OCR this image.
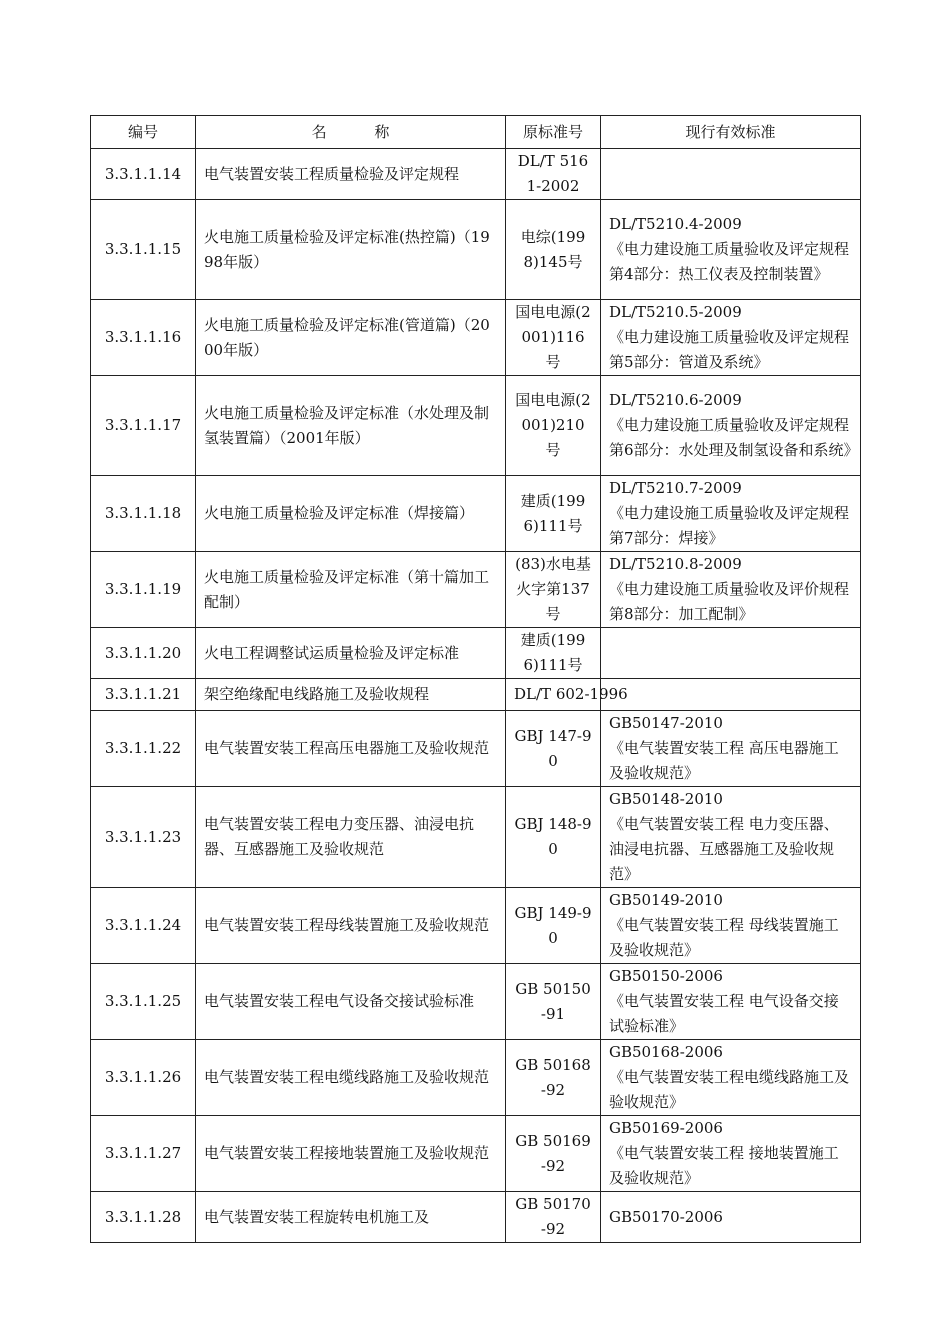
编号	名          称	原标准号	现行有效标准
3.3.1.1.14	电气装置安装工程质量检验及评定规程	DL/T 5161-2002	

3.3.1.1.15	火电施工质量检验及评定标准(热控篇)（1998年版）	电综(1998)145号	DL/T5210.4-2009
《电力建设施工质量验收及评定规程 第4部分：热工仪表及控制装置》

3.3.1.1.16	火电施工质量检验及评定标准(管道篇)（2000年版）	国电电源(2001)116号	DL/T5210.5-2009
《电力建设施工质量验收及评定规程 第5部分：管道及系统》

3.3.1.1.17	火电施工质量检验及评定标准（水处理及制氢装置篇）（2001年版）	国电电源(2001)210号	DL/T5210.6-2009
《电力建设施工质量验收及评定规程 第6部分：水处理及制氢设备和系统》

3.3.1.1.18	火电施工质量检验及评定标准（焊接篇）	建质(1996)111号	DL/T5210.7-2009
《电力建设施工质量验收及评定规程 第7部分：焊接》

3.3.1.1.19	火电施工质量检验及评定标准（第十篇加工配制）	(83)水电基火字第137号	DL/T5210.8-2009
《电力建设施工质量验收及评价规程 第8部分：加工配制》

3.3.1.1.20	火电工程调整试运质量检验及评定标准	建质(1996)111号	

3.3.1.1.21	架空绝缘配电线路施工及验收规程	DL/T 602-1996	

3.3.1.1.22	电气装置安装工程高压电器施工及验收规范	GBJ 147-90	GB50147-2010
《电气装置安装工程 高压电器施工及验收规范》

3.3.1.1.23	电气装置安装工程电力变压器、油浸电抗器、互感器施工及验收规范	GBJ 148-90	GB50148-2010
《电气装置安装工程 电力变压器、油浸电抗器、互感器施工及验收规范》

3.3.1.1.24	电气装置安装工程母线装置施工及验收规范	GBJ 149-90	GB50149-2010
《电气装置安装工程 母线装置施工及验收规范》

3.3.1.1.25	电气装置安装工程电气设备交接试验标准	GB 50150-91	GB50150-2006
《电气装置安装工程 电气设备交接试验标准》

3.3.1.1.26	电气装置安装工程电缆线路施工及验收规范	GB 50168-92	GB50168-2006
《电气装置安装工程电缆线路施工及验收规范》

3.3.1.1.27	电气装置安装工程接地装置施工及验收规范	GB 50169-92	GB50169-2006
《电气装置安装工程 接地装置施工及验收规范》

3.3.1.1.28	电气装置安装工程旋转电机施工及	GB 50170-92	GB50170-2006
